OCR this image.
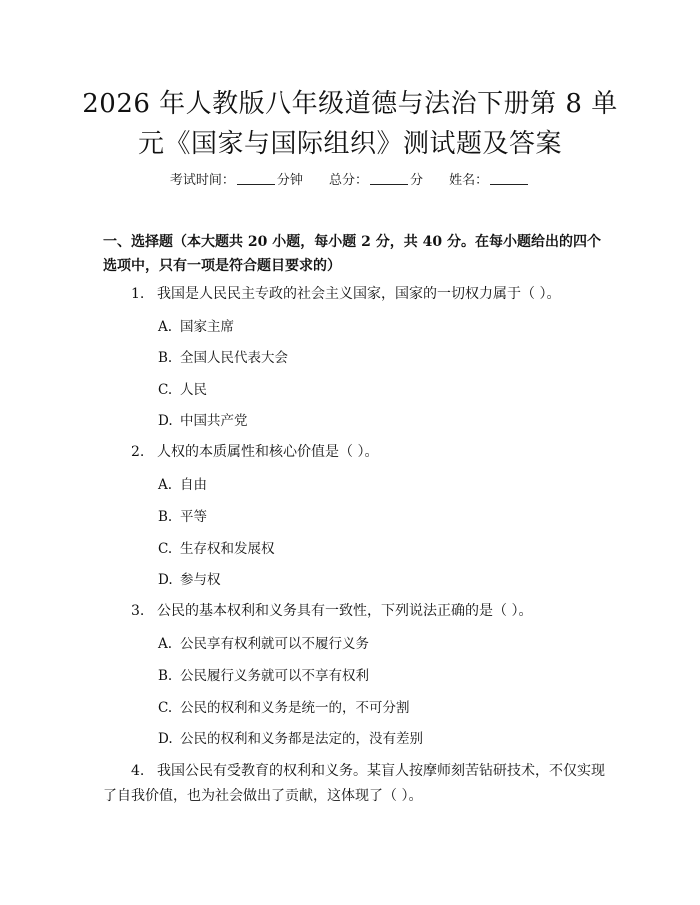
2026 年人教版八年级道德与法治下册第 8 单
元《国家与国际组织》测试题及答案
考试时间：	分钟 总分：	分 姓名：
一、选择题（本大题共 20 小题，每小题 2 分，共 40 分。在每小题给出的四个选项中，只有一项是符合题目要求的）
1. 我国是人民民主专政的社会主义国家，国家的一切权力属于（ ）。
A. 国家主席
B. 全国人民代表大会
C. 人民
D. 中国共产党
2. 人权的本质属性和核心价值是（ ）。
A. 自由
B. 平等
C. 生存权和发展权
D. 参与权
3. 公民的基本权利和义务具有一致性，下列说法正确的是（ ）。
A. 公民享有权利就可以不履行义务
B. 公民履行义务就可以不享有权利
C. 公民的权利和义务是统一的，不可分割
D. 公民的权利和义务都是法定的，没有差别
4. 我国公民有受教育的权利和义务。某盲人按摩师刻苦钻研技术，不仅实现
了自我价值，也为社会做出了贡献，这体现了（ ）。
